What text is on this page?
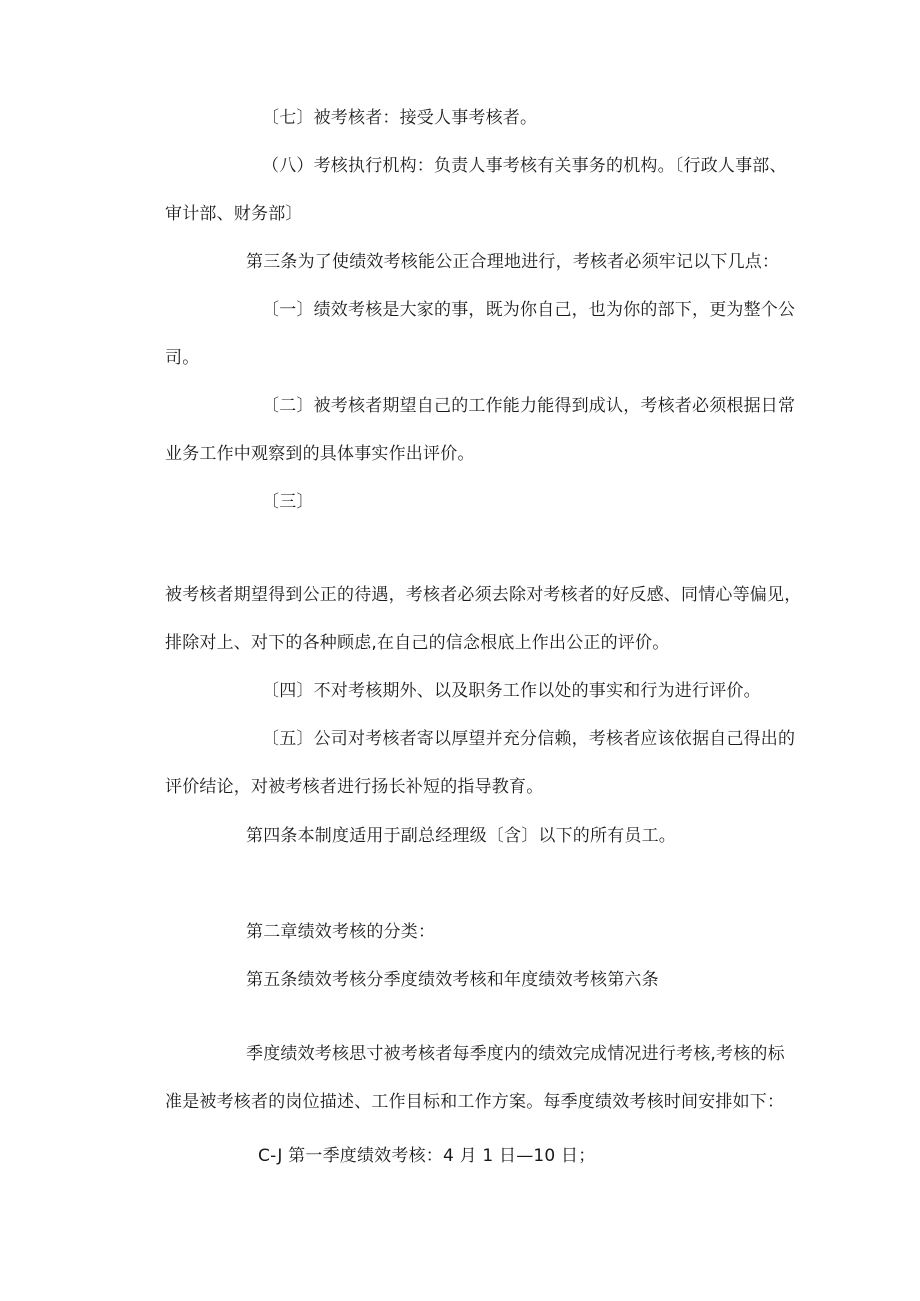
〔七〕被考核者：接受人事考核者。
（八）考核执行机构：负责人事考核有关事务的机构。〔行政人事部、
审计部、财务部〕
第三条为了使绩效考核能公正合理地进行，考核者必须牢记以下几点：
〔一〕绩效考核是大家的事，既为你自己，也为你的部下，更为整个公
司。
〔二〕被考核者期望自己的工作能力能得到成认，考核者必须根据日常
业务工作中观察到的具体事实作出评价。
〔三〕
被考核者期望得到公正的待遇，考核者必须去除对考核者的好反感、同情心等偏见，
排除对上、对下的各种顾虑,在自己的信念根底上作出公正的评价。
〔四〕不对考核期外、以及职务工作以处的事实和行为进行评价。
〔五〕公司对考核者寄以厚望并充分信赖，考核者应该依据自己得出的
评价结论，对被考核者进行扬长补短的指导教育。
第四条本制度适用于副总经理级〔含〕以下的所有员工。
第二章绩效考核的分类：
第五条绩效考核分季度绩效考核和年度绩效考核第六条
季度绩效考核思寸被考核者每季度内的绩效完成情况进行考核,考核的标
准是被考核者的岗位描述、工作目标和工作方案。每季度绩效考核时间安排如下：
C-J 第一季度绩效考核：4 月 1 日—10 日；
